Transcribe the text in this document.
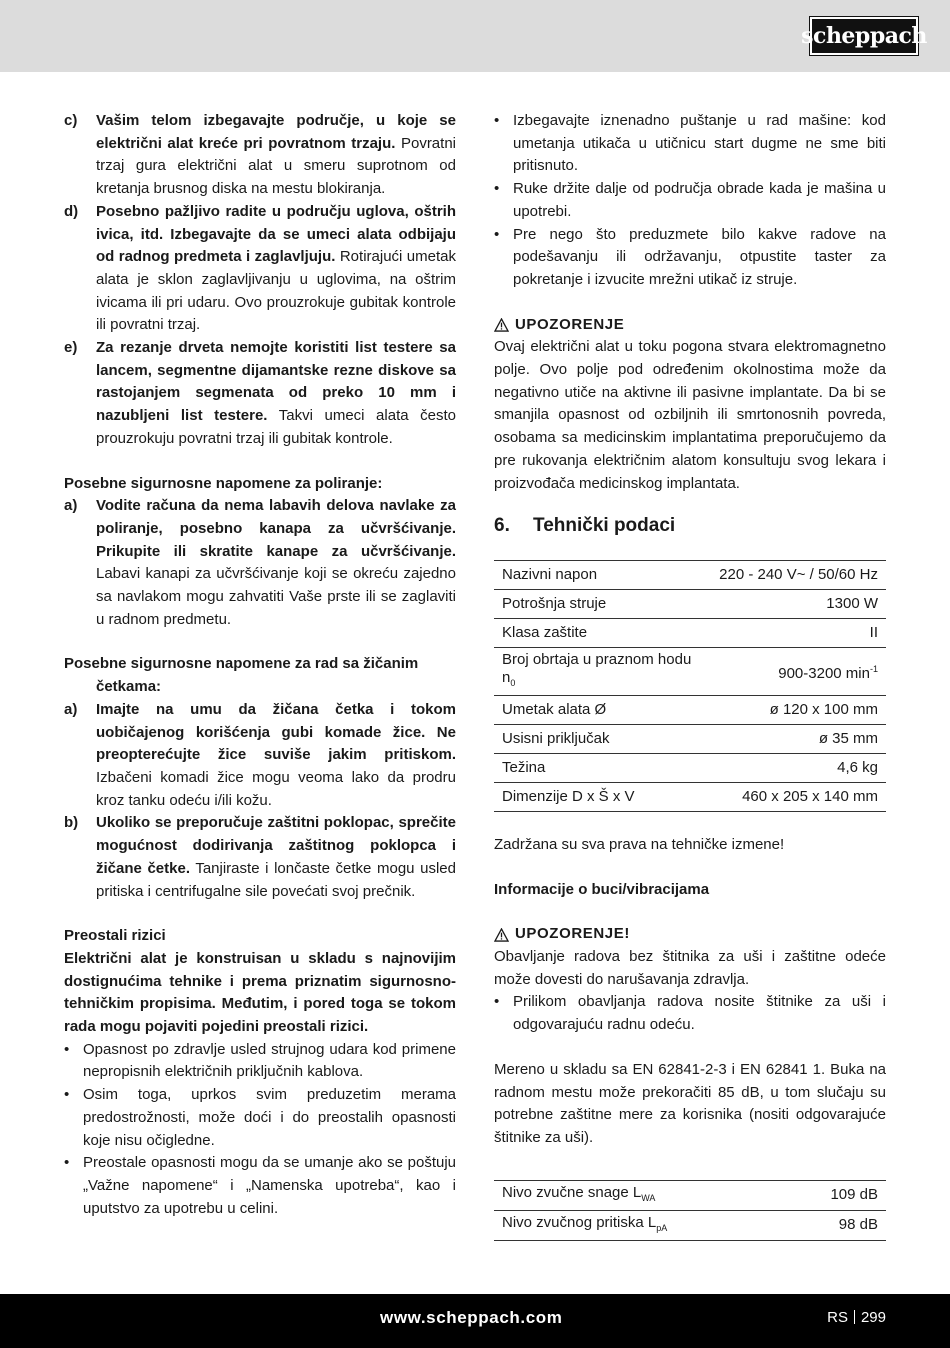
scheppach
c)	Vašim telom izbegavajte područje, u koje se električni alat kreće pri povratnom trzaju. Povratni trzaj gura električni alat u smeru suprotnom od kretanja brusnog diska na mestu blokiranja.
d)	Posebno pažljivo radite u području uglova, oštrih ivica, itd. Izbegavajte da se umeci alata odbijaju od radnog predmeta i zaglavljuju. Rotirajući umetak alata je sklon zaglavljivanju u uglovima, na oštrim ivicama ili pri udaru. Ovo prouzrokuje gubitak kontrole ili povratni trzaj.
e)	Za rezanje drveta nemojte koristiti list testere sa lancem, segmentne dijamantske rezne diskove sa rastojanjem segmenata od preko 10 mm i nazubljeni list testere. Takvi umeci alata često prouzrokuju povratni trzaj ili gubitak kontrole.

Posebne sigurnosne napomene za poliranje:

a)	Vodite računa da nema labavih delova navlake za poliranje, posebno kanapa za učvršćivanje. Prikupite ili skratite kanape za učvršćivanje. Labavi kanapi za učvršćivanje koji se okreću zajedno sa navlakom mogu zahvatiti Vaše prste ili se zaglaviti u radnom predmetu.

Posebne sigurnosne napomene za rad sa žičanim
četkama:

a)	Imajte na umu da žičana četka i tokom uobičajenog korišćenja gubi komade žice. Ne preopterećujte žice suviše jakim pritiskom. Izbačeni komadi žice mogu veoma lako da prodru kroz tanku odeću i/ili kožu.
b)	Ukoliko se preporučuje zaštitni poklopac, sprečite mogućnost dodirivanja zaštitnog poklopca i žičane četke. Tanjiraste i lončaste četke mogu usled pritiska i centrifugalne sile povećati svoj prečnik.

Preostali rizici

Električni alat je konstruisan u skladu s najnovijim dostignućima tehnike i prema priznatim sigurnosno-tehničkim propisima. Međutim, i pored toga se tokom rada mogu pojaviti pojedini preostali rizici.

• Opasnost po zdravlje usled strujnog udara kod primene nepropisnih električnih priključnih kablova.

• Osim toga, uprkos svim preduzetim merama predostrožnosti, može doći i do preostalih opasnosti koje nisu očigledne.

• Preostale opasnosti mogu da se umanje ako se poštuju „Važne napomene“ i „Namenska upotreba“, kao i uputstvo za upotrebu u celini.

• Izbegavajte iznenadno puštanje u rad mašine: kod umetanja utikača u utičnicu start dugme ne sme biti pritisnuto.

• Ruke držite dalje od područja obrade kada je mašina u upotrebi.

• Pre nego što preduzmete bilo kakve radove na podešavanju ili održavanju, otpustite taster za pokretanje i izvucite mrežni utikač iz struje.

UPOZORENJE

Ovaj električni alat u toku pogona stvara elektromagnetno polje. Ovo polje pod određenim okolnostima može da negativno utiče na aktivne ili pasivne implantate. Da bi se smanjila opasnost od ozbiljnih ili smrtonosnih povreda, osobama sa medicinskim implantatima preporučujemo da pre rukovanja električnim alatom konsultuju svog lekara i proizvođača medicinskog implantata.

6.	Tehnički podaci
Nazivni napon	220 - 240 V~ / 50/60 Hz
Potrošnja struje	1300 W
Klasa zaštite	II
Broj obrtaja u praznom hodu $n_0$	900-3200 $\min^{-1}$
Umetak alata Ø	ø 120 x 100 mm
Usisni priključak	ø 35 mm
Težina	4,6 kg
Dimenzije D x Š x V	460 x 205 x 140 mm

Zadržana su sva prava na tehničke izmene!

Informacije o buci/vibracijama

UPOZORENJE!

Obavljanje radova bez štitnika za uši i zaštitne odeće može dovesti do narušavanja zdravlja.

• Prilikom obavljanja radova nosite štitnike za uši i odgovarajuću radnu odeću.

Mereno u skladu sa EN 62841-2-3 i EN 62841 1. Buka na radnom mestu može prekoračiti 85 dB, u tom slučaju su potrebne zaštitne mere za korisnika (nositi odgovarajuće štitnike za uši).

Nivo zvučne snage $L_{WA}$	109 dB
Nivo zvučnog pritiska $L_{pA}$	98 dB
www.scheppach.com	RS 299
